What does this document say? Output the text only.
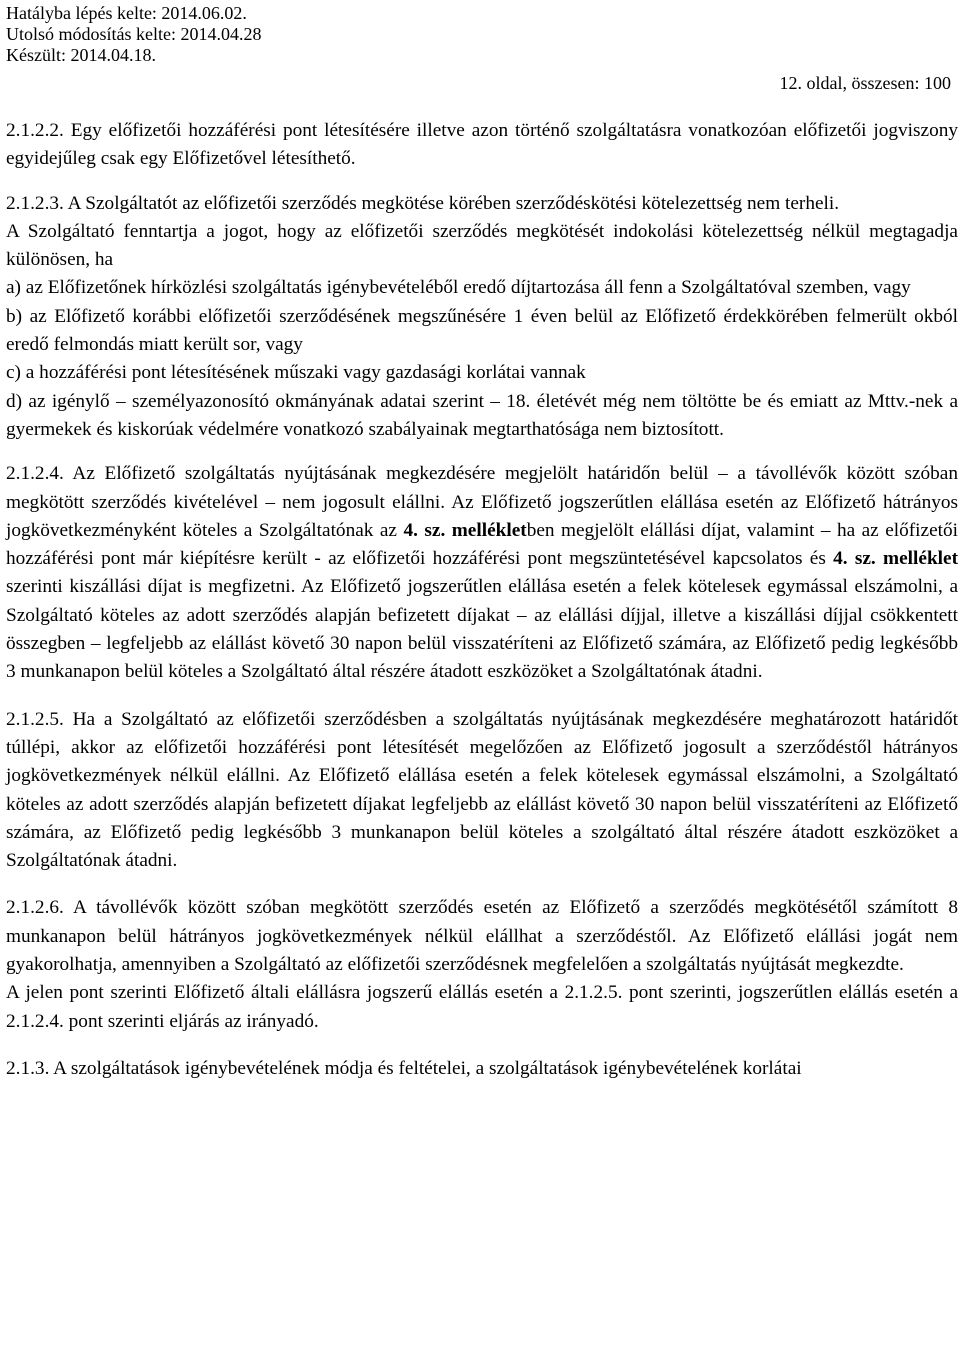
Hatályba lépés kelte: 2014.06.02.
Utolsó módosítás kelte: 2014.04.28
Készült: 2014.04.18.
12. oldal, összesen: 100

2.1.2.2. Egy előfizetői hozzáférési pont létesítésére illetve azon történő szolgáltatásra vonatkozóan előfizetői jogviszony egyidejűleg csak egy Előfizetővel létesíthető.

2.1.2.3. A Szolgáltatót az előfizetői szerződés megkötése körében szerződéskötési kötelezettség nem terheli.

A Szolgáltató fenntartja a jogot, hogy az előfizetői szerződés megkötését indokolási kötelezettség nélkül megtagadja különösen, ha

a) az Előfizetőnek hírközlési szolgáltatás igénybevételéből eredő díjtartozása áll fenn a Szolgáltatóval szemben, vagy

b) az Előfizető korábbi előfizetői szerződésének megszűnésére 1 éven belül az Előfizető érdekkörében felmerült okból eredő felmondás miatt került sor, vagy

c) a hozzáférési pont létesítésének műszaki vagy gazdasági korlátai vannak

d) az igénylő – személyazonosító okmányának adatai szerint – 18. életévét még nem töltötte be és emiatt az Mttv.-nek a gyermekek és kiskorúak védelmére vonatkozó szabályainak megtarthatósága nem biztosított.

2.1.2.4. Az Előfizető szolgáltatás nyújtásának megkezdésére megjelölt határidőn belül – a távollévők között szóban megkötött szerződés kivételével – nem jogosult elállni. Az Előfizető jogszerűtlen elállása esetén az Előfizető hátrányos jogkövetkezményként köteles a Szolgáltatónak az 4. sz. mellékletben megjelölt elállási díjat, valamint – ha az előfizetői hozzáférési pont már kiépítésre került - az előfizetői hozzáférési pont megszüntetésével kapcsolatos és 4. sz. melléklet szerinti kiszállási díjat is megfizetni. Az Előfizető jogszerűtlen elállása esetén a felek kötelesek egymással elszámolni, a Szolgáltató köteles az adott szerződés alapján befizetett díjakat – az elállási díjjal, illetve a kiszállási díjjal csökkentett összegben – legfeljebb az elállást követő 30 napon belül visszatéríteni az Előfizető számára, az Előfizető pedig legkésőbb 3 munkanapon belül köteles a Szolgáltató által részére átadott eszközöket a Szolgáltatónak átadni.

2.1.2.5. Ha a Szolgáltató az előfizetői szerződésben a szolgáltatás nyújtásának megkezdésére meghatározott határidőt túllépi, akkor az előfizetői hozzáférési pont létesítését megelőzően az Előfizető jogosult a szerződéstől hátrányos jogkövetkezmények nélkül elállni. Az Előfizető elállása esetén a felek kötelesek egymással elszámolni, a Szolgáltató köteles az adott szerződés alapján befizetett díjakat legfeljebb az elállást követő 30 napon belül visszatéríteni az Előfizető számára, az Előfizető pedig legkésőbb 3 munkanapon belül köteles a szolgáltató által részére átadott eszközöket a Szolgáltatónak átadni.

2.1.2.6. A távollévők között szóban megkötött szerződés esetén az Előfizető a szerződés megkötésétől számított 8 munkanapon belül hátrányos jogkövetkezmények nélkül elállhat a szerződéstől. Az Előfizető elállási jogát nem gyakorolhatja, amennyiben a Szolgáltató az előfizetői szerződésnek megfelelően a szolgáltatás nyújtását megkezdte.

A jelen pont szerinti Előfizető általi elállásra jogszerű elállás esetén a 2.1.2.5. pont szerinti, jogszerűtlen elállás esetén a 2.1.2.4. pont szerinti eljárás az irányadó.

2.1.3. A szolgáltatások igénybevételének módja és feltételei, a szolgáltatások igénybevételének korlátai
